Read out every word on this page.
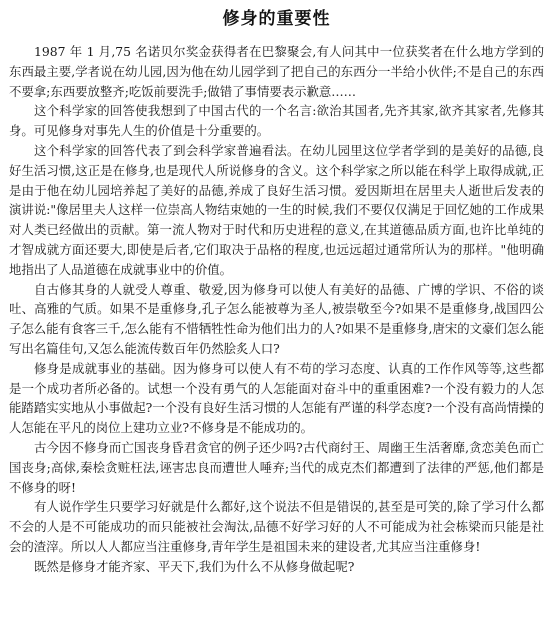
修身的重要性

1987 年 1 月,75 名诺贝尔奖金获得者在巴黎聚会,有人问其中一位获奖者在什么地方学到的东西最主要,学者说在幼儿园,因为他在幼儿园学到了把自己的东西分一半给小伙伴;不是自己的东西不要拿;东西要放整齐;吃饭前要洗手;做错了事情要表示歉意……

这个科学家的回答使我想到了中国古代的一个名言:欲治其国者,先齐其家,欲齐其家者,先修其身。可见修身对事先人生的价值是十分重要的。

这个科学家的回答代表了到会科学家普遍看法。在幼儿园里这位学者学到的是美好的品德,良好生活习惯,这正是在修身,也是现代人所说修身的含义。这个科学家之所以能在科学上取得成就,正是由于他在幼儿园培养起了美好的品德,养成了良好生活习惯。爱因斯坦在居里夫人逝世后发表的演讲说:"像居里夫人这样一位崇高人物结束她的一生的时候,我们不要仅仅满足于回忆她的工作成果对人类已经做出的贡献。第一流人物对于时代和历史进程的意义,在其道德品质方面,也许比单纯的才智成就方面还要大,即使是后者,它们取决于品格的程度,也远远超过通常所认为的那样。"他明确地指出了人品道德在成就事业中的价值。

自古修其身的人就受人尊重、敬爱,因为修身可以使人有美好的品德、广博的学识、不俗的谈吐、高雅的气质。如果不是重修身,孔子怎么能被尊为圣人,被崇敬至今?如果不是重修身,战国四公子怎么能有食客三千,怎么能有不惜牺牲性命为他们出力的人?如果不是重修身,唐宋的文豪们怎么能写出名篇佳句,又怎么能流传数百年仍然脍炙人口?

修身是成就事业的基础。因为修身可以使人有不苟的学习态度、认真的工作作风等等,这些都是一个成功者所必备的。试想一个没有勇气的人怎能面对奋斗中的重重困难?一个没有毅力的人怎能踏踏实实地从小事做起?一个没有良好生活习惯的人怎能有严谨的科学态度?一个没有高尚情操的人怎能在平凡的岗位上建功立业?不修身是不能成功的。

古今因不修身而亡国丧身昏君贪官的例子还少吗?古代商纣王、周幽王生活奢靡,贪恋美色而亡国丧身;高俅,秦桧贪赃枉法,诬害忠良而遭世人唾弃;当代的成克杰们都遭到了法律的严惩,他们都是不修身的呀!

有人说作学生只要学习好就是什么都好,这个说法不但是错误的,甚至是可笑的,除了学习什么都不会的人是不可能成功的而只能被社会淘汰,品德不好学习好的人不可能成为社会栋梁而只能是社会的渣滓。所以人人都应当注重修身,青年学生是祖国未来的建设者,尤其应当注重修身!

既然是修身才能齐家、平天下,我们为什么不从修身做起呢?
